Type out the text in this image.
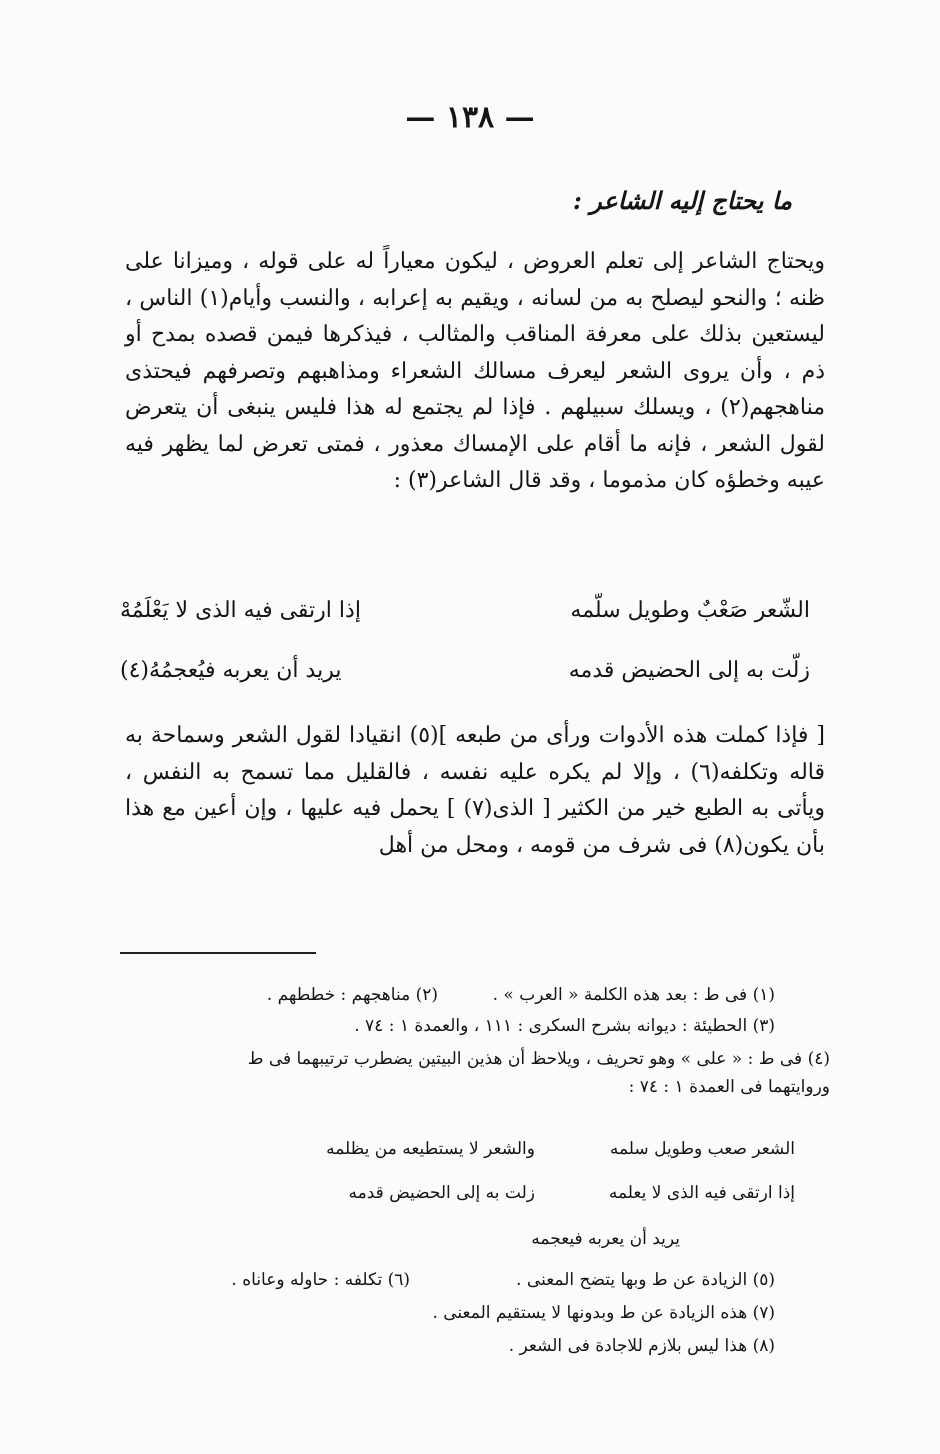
— ١٣٨ —
ما يحتاج إليه الشاعر :

ويحتاج الشاعر إلى تعلم العروض ، ليكون معياراً له على قوله ، وميزانا على ظنه ؛ والنحو ليصلح به من لسانه ، ويقيم به إعرابه ، والنسب وأيام(١) الناس ، ليستعين بذلك على معرفة المناقب والمثالب ، فيذكرها فيمن قصده بمدح أو ذم ، وأن يروى الشعر ليعرف مسالك الشعراء ومذاهبهم وتصرفهم فيحتذى مناهجهم(٢) ، ويسلك سبيلهم . فإذا لم يجتمع له هذا فليس ينبغى أن يتعرض لقول الشعر ، فإنه ما أقام على الإمساك معذور ، فمتى تعرض لما يظهر فيه عيبه وخطؤه كان مذموما ، وقد قال الشاعر(٣) :

الشّعر صَعْبٌ وطويل سلّمه
إذا ارتقى فيه الذى لا يَعْلَمُهْ
زلّت به إلى الحضيض قدمه
يريد أن يعربه فيُعجمُهُ(٤)

[ فإذا كملت هذه الأدوات ورأى من طبعه ](٥) انقيادا لقول الشعر وسماحة به قاله وتكلفه(٦) ، وإلا لم يكره عليه نفسه ، فالقليل مما تسمح به النفس ، ويأتى به الطبع خير من الكثير [ الذى(٧) ] يحمل فيه عليها ، وإن أعين مع هذا بأن يكون(٨) فى شرف من قومه ، ومحل من أهل

(١) فى ط : بعد هذه الكلمة « العرب » .
(٢) مناهجهم : خططهم .
(٣) الحطيئة : ديوانه بشرح السكرى : ١١١ ، والعمدة ١ : ٧٤ .
(٤) فى ط : « على » وهو تحريف ، ويلاحظ أن هذين البيتين يضطرب ترتيبهما فى ط
وروايتهما فى العمدة ١ : ٧٤ :
الشعر صعب وطويل سلمه
والشعر لا يستطيعه من يظلمه
إذا ارتقى فيه الذى لا يعلمه
زلت به إلى الحضيض قدمه
يريد أن يعربه فيعجمه
(٥) الزيادة عن ط وبها يتضح المعنى .
(٦) تكلفه : حاوله وعاناه .
(٧) هذه الزيادة عن ط وبدونها لا يستقيم المعنى .
(٨) هذا ليس بلازم للاجادة فى الشعر .
